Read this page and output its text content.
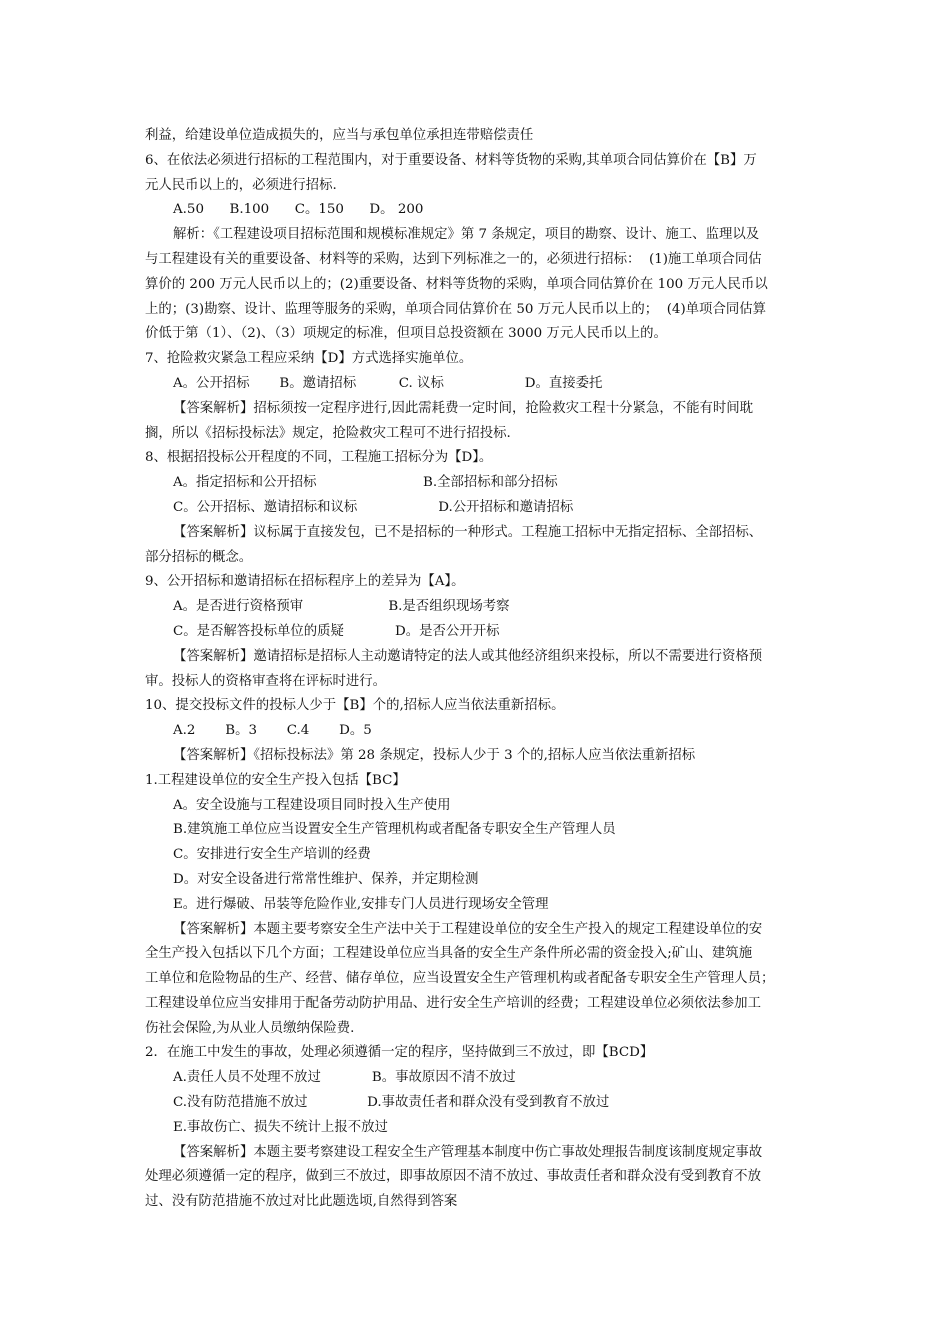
利益，给建设单位造成损失的，应当与承包单位承担连带赔偿责任
6、在依法必须进行招标的工程范围内，对于重要设备、材料等货物的采购,其单项合同估算价在【B】万
元人民币以上的，必须进行招标.
A.50      B.100      C。150      D。 200
解析：《工程建设项目招标范围和规模标准规定》第 7 条规定，项目的勘察、设计、施工、监理以及
与工程建设有关的重要设备、材料等的采购，达到下列标准之一的，必须进行招标：  (1)施工单项合同估
算价的 200 万元人民币以上的；(2)重要设备、材料等货物的采购，单项合同估算价在 100 万元人民币以
上的；(3)勘察、设计、监理等服务的采购，单项合同估算价在 50 万元人民币以上的；  (4)单项合同估算
价低于第（1）、（2)、（3）项规定的标准，但项目总投资额在 3000 万元人民币以上的。
7、抢险救灾紧急工程应采纳【D】方式选择实施单位。
A。公开招标       B。邀请招标          C. 议标                   D。直接委托
【答案解析】招标须按一定程序进行,因此需耗费一定时间，抢险救灾工程十分紧急，不能有时间耽
搁，所以《招标投标法》规定，抢险救灾工程可不进行招投标.
8、根据招投标公开程度的不同，工程施工招标分为【D】。
A。指定招标和公开招标                         B.全部招标和部分招标
C。公开招标、邀请招标和议标                   D.公开招标和邀请招标
【答案解析】议标属于直接发包，已不是招标的一种形式。工程施工招标中无指定招标、全部招标、
部分招标的概念。
9、公开招标和邀请招标在招标程序上的差异为【A】。
A。是否进行资格预审                    B.是否组织现场考察
C。是否解答投标单位的质疑            D。是否公开开标
【答案解析】邀请招标是招标人主动邀请特定的法人或其他经济组织来投标，所以不需要进行资格预
审。投标人的资格审查将在评标时进行。
10、提交投标文件的投标人少于【B】个的,招标人应当依法重新招标。
A.2       B。3       C.4       D。5
【答案解析】《招标投标法》第 28 条规定，投标人少于 3 个的,招标人应当依法重新招标
1.工程建设单位的安全生产投入包括【BC】
A。安全设施与工程建设项目同时投入生产使用
B.建筑施工单位应当设置安全生产管理机构或者配备专职安全生产管理人员
C。安排进行安全生产培训的经费
D。对安全设备进行常常性维护、保养，并定期检测
E。进行爆破、吊装等危险作业,安排专门人员进行现场安全管理
【答案解析】本题主要考察安全生产法中关于工程建设单位的安全生产投入的规定工程建设单位的安
全生产投入包括以下几个方面；工程建设单位应当具备的安全生产条件所必需的资金投入;矿山、建筑施
工单位和危险物品的生产、经营、储存单位，应当设置安全生产管理机构或者配备专职安全生产管理人员；
工程建设单位应当安排用于配备劳动防护用品、进行安全生产培训的经费；工程建设单位必须依法参加工
伤社会保险,为从业人员缴纳保险费.
2．在施工中发生的事故，处理必须遵循一定的程序，坚持做到三不放过，即【BCD】
A.责任人员不处理不放过            B。事故原因不清不放过
C.没有防范措施不放过              D.事故责任者和群众没有受到教育不放过
E.事故伤亡、损失不统计上报不放过
【答案解析】本题主要考察建设工程安全生产管理基本制度中伤亡事故处理报告制度该制度规定事故
处理必须遵循一定的程序，做到三不放过，即事故原因不清不放过、事故责任者和群众没有受到教育不放
过、没有防范措施不放过对比此题选顷,自然得到答案
